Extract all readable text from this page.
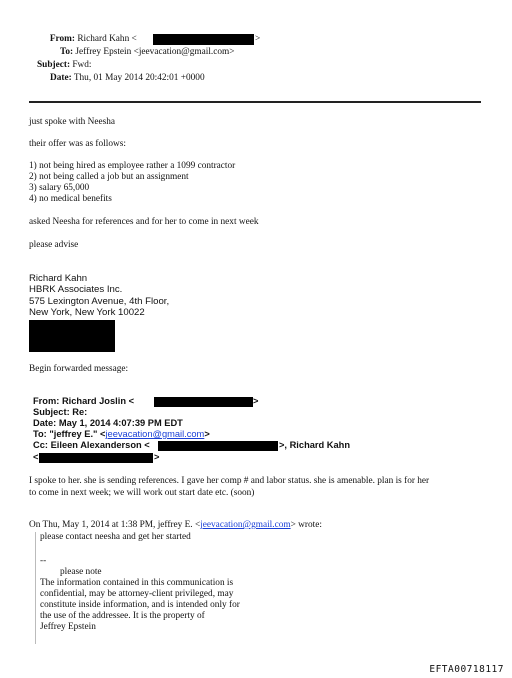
From: Richard Kahn <	>
To: Jeffrey Epstein <jeevacation@gmail.com>
Subject: Fwd:
Date: Thu, 01 May 2014 20:42:01 +0000
just spoke with Neesha
their offer was as follows:
1) not being hired as employee rather a 1099 contractor
2) not being called a job but an assignment
3) salary 65,000
4) no medical benefits
asked Neesha for references and for her to come in next week
please advise
Richard Kahn
HBRK Associates Inc.
575 Lexington Avenue, 4th Floor,
New York, New York 10022
Begin forwarded message:
From: Richard Joslin <	>
Subject: Re:
Date: May 1, 2014 4:07:39 PM EDT
To: "jeffrey E." <jeevacation@gmail.com>
Cc: Eileen Alexanderson <	>, Richard Kahn
<	>
I spoke to her. she is sending references. I gave her comp # and labor status. she is amenable. plan is for her
to come in next week; we will work out start date etc. (soon)
On Thu, May 1, 2014 at 1:38 PM, jeffrey E. <jeevacation@gmail.com> wrote:
please contact neesha and get her started
--
please note
The information contained in this communication is
confidential, may be attorney-client privileged, may
constitute inside information, and is intended only for
the use of the addressee. It is the property of
Jeffrey Epstein
EFTA00718117
